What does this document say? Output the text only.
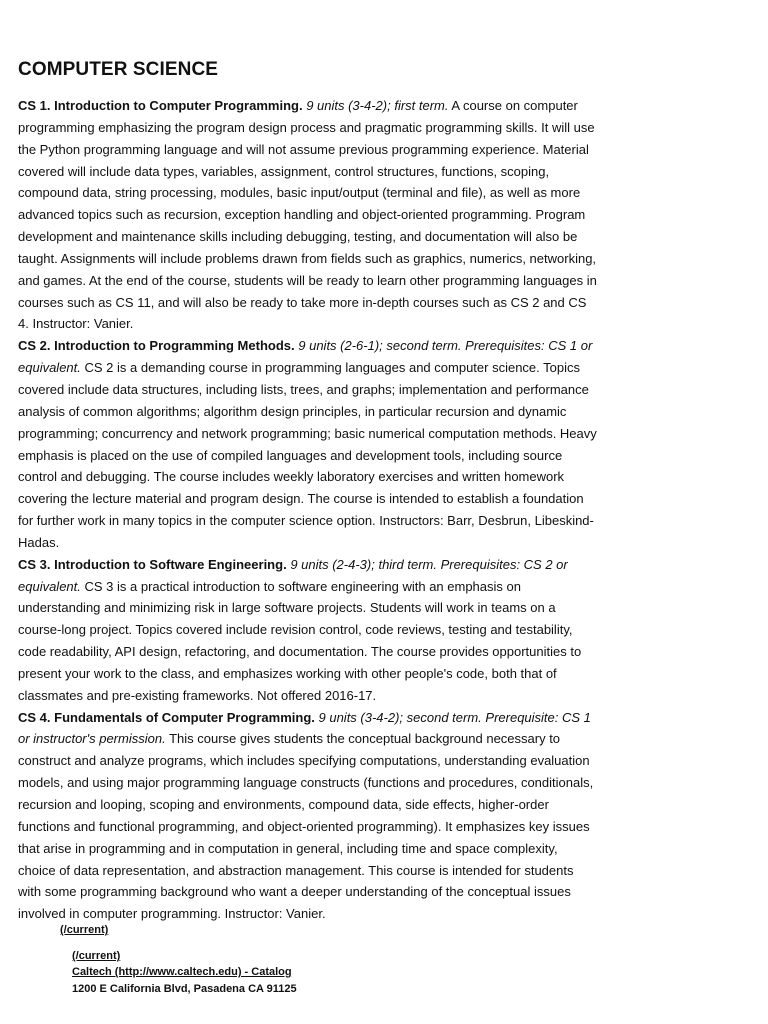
COMPUTER SCIENCE

CS 1. Introduction to Computer Programming. 9 units (3-4-2); first term. A course on computer programming emphasizing the program design process and pragmatic programming skills. It will use the Python programming language and will not assume previous programming experience. Material covered will include data types, variables, assignment, control structures, functions, scoping, compound data, string processing, modules, basic input/output (terminal and file), as well as more advanced topics such as recursion, exception handling and object-oriented programming. Program development and maintenance skills including debugging, testing, and documentation will also be taught. Assignments will include problems drawn from fields such as graphics, numerics, networking, and games. At the end of the course, students will be ready to learn other programming languages in courses such as CS 11, and will also be ready to take more in-depth courses such as CS 2 and CS 4. Instructor: Vanier.

CS 2. Introduction to Programming Methods. 9 units (2-6-1); second term. Prerequisites: CS 1 or equivalent. CS 2 is a demanding course in programming languages and computer science. Topics covered include data structures, including lists, trees, and graphs; implementation and performance analysis of common algorithms; algorithm design principles, in particular recursion and dynamic programming; concurrency and network programming; basic numerical computation methods. Heavy emphasis is placed on the use of compiled languages and development tools, including source control and debugging. The course includes weekly laboratory exercises and written homework covering the lecture material and program design. The course is intended to establish a foundation for further work in many topics in the computer science option. Instructors: Barr, Desbrun, Libeskind-Hadas.

CS 3. Introduction to Software Engineering. 9 units (2-4-3); third term. Prerequisites: CS 2 or equivalent. CS 3 is a practical introduction to software engineering with an emphasis on understanding and minimizing risk in large software projects. Students will work in teams on a course-long project. Topics covered include revision control, code reviews, testing and testability, code readability, API design, refactoring, and documentation. The course provides opportunities to present your work to the class, and emphasizes working with other people's code, both that of classmates and pre-existing frameworks. Not offered 2016-17.

CS 4. Fundamentals of Computer Programming. 9 units (3-4-2); second term. Prerequisite: CS 1 or instructor's permission. This course gives students the conceptual background necessary to construct and analyze programs, which includes specifying computations, understanding evaluation models, and using major programming language constructs (functions and procedures, conditionals, recursion and looping, scoping and environments, compound data, side effects, higher-order functions and functional programming, and object-oriented programming). It emphasizes key issues that arise in programming and in computation in general, including time and space complexity, choice of data representation, and abstraction management. This course is intended for students with some programming background who want a deeper understanding of the conceptual issues involved in computer programming. Instructor: Vanier.

(/current)
(/current)
Caltech (http://www.caltech.edu) - Catalog
1200 E California Blvd, Pasadena CA 91125
